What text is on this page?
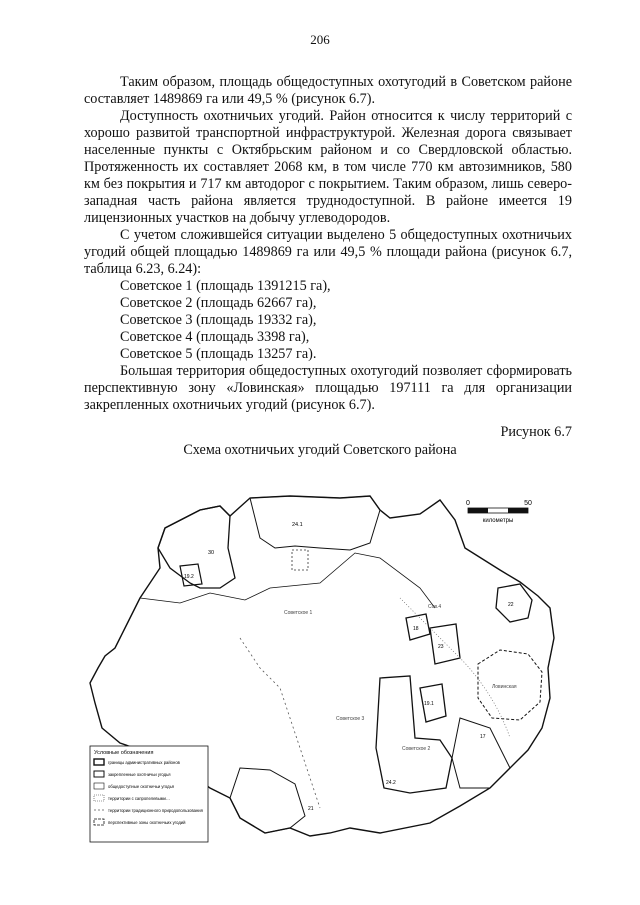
206

Таким образом, площадь общедоступных охотугодий в Советском районе составляет 1489869 га или 49,5 % (рисунок 6.7).

Доступность охотничьих угодий. Район относится к числу территорий с хорошо развитой транспортной инфраструктурой. Железная дорога связывает населенные пункты с Октябрьским районом и со Свердловской областью. Протяженность их составляет 2068 км, в том числе 770 км автозимников, 580 км без покрытия и 717 км автодорог с покрытием. Таким образом, лишь северо-западная часть района является труднодоступной. В районе имеется 19 лицензионных участков на добычу углеводородов.

С учетом сложившейся ситуации выделено 5 общедоступных охотничьих угодий общей площадью 1489869 га или 49,5 % площади района (рисунок 6.7, таблица 6.23, 6.24):

Советское 1 (площадь 1391215 га),

Советское 2 (площадь 62667 га),

Советское 3 (площадь 19332 га),

Советское 4 (площадь 3398 га),

Советское 5 (площадь 13257 га).

Большая территория общедоступных охотугодий позволяет сформировать перспективную зону «Ловинская» площадью 197111 га для организации закрепленных охотничьих угодий (рисунок 6.7).

Рисунок 6.7
Схема охотничьих угодий Советского района
0	50
километры
Условные обозначения
границы административных районов
закрепленные охотничьи угодья
общедоступные охотничьи угодья
территории с сапропелевыми…
территории традиционного природопользования
перспективные зоны охотничьих угодий
24.1
30
19.2
Советское 1
Сов.4	22
18
23
Ловинская
19.1
17
Советское 3
Советское 2
24.2
21
